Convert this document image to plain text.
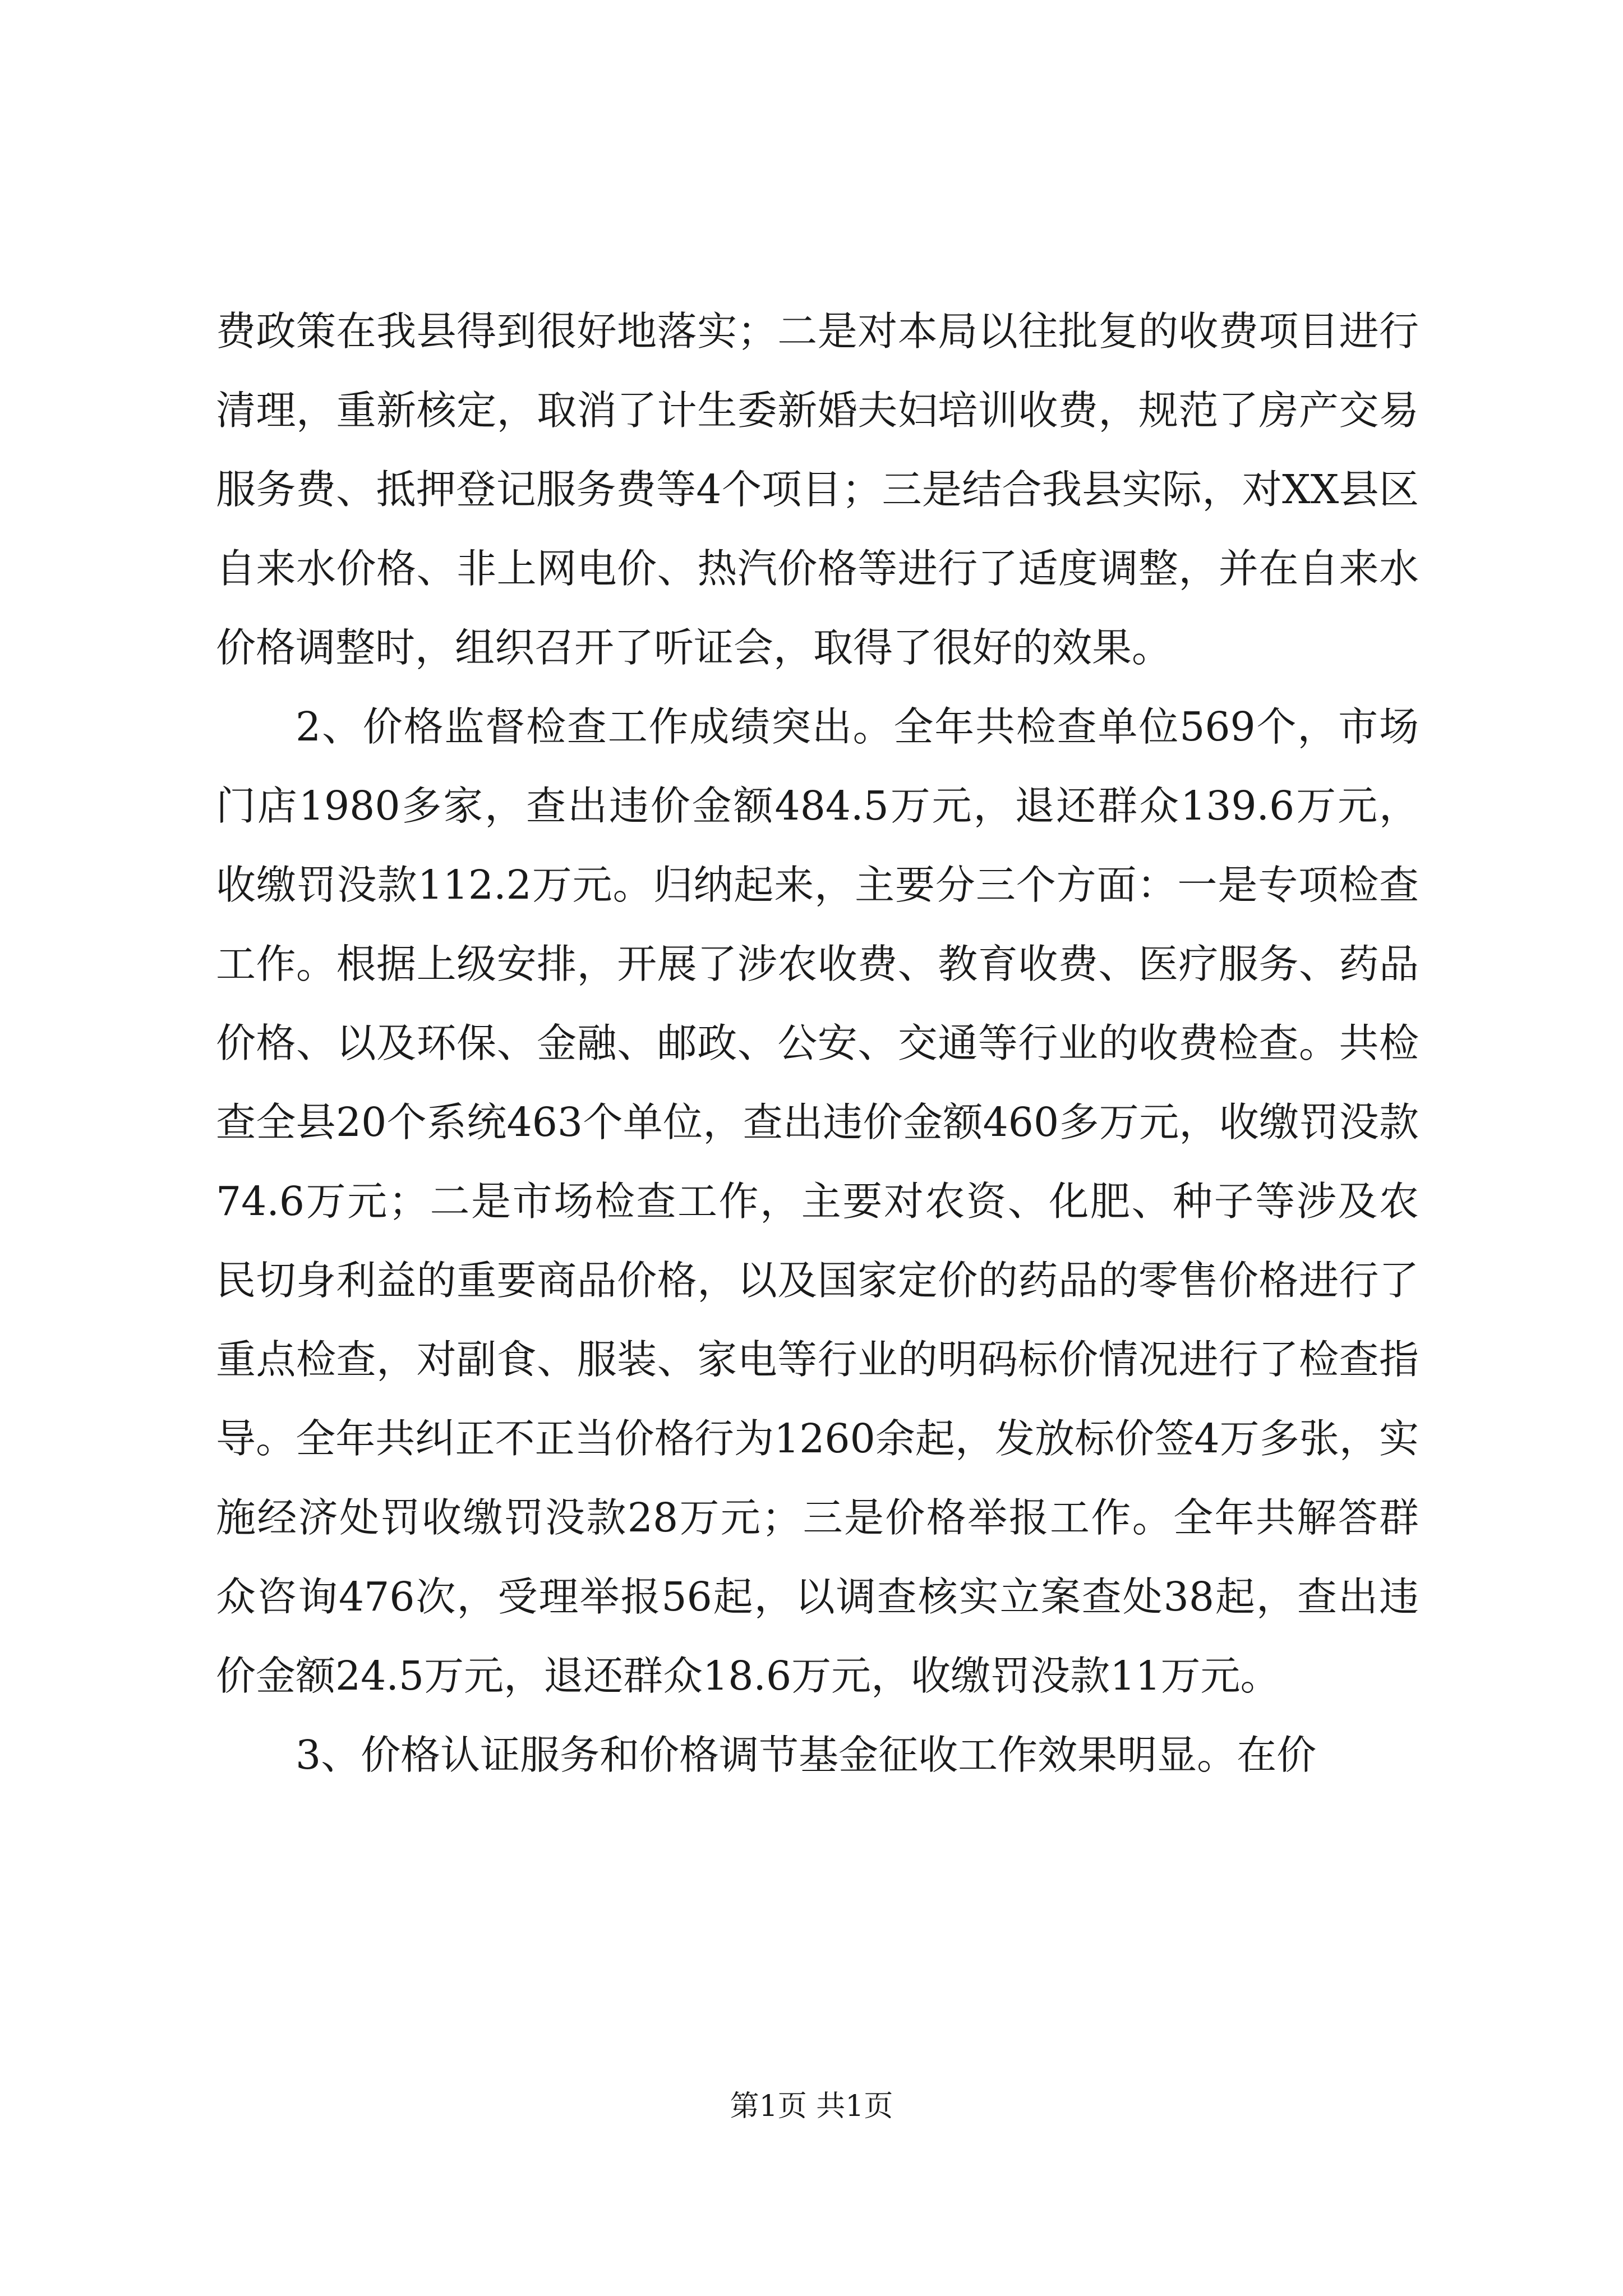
费政策在我县得到很好地落实；二是对本局以往批复的收费项目进行清理，重新核定，取消了计生委新婚夫妇培训收费，规范了房产交易服务费、抵押登记服务费等4个项目；三是结合我县实际，对XX县区自来水价格、非上网电价、热汽价格等进行了适度调整，并在自来水价格调整时，组织召开了听证会，取得了很好的效果。

2、价格监督检查工作成绩突出。全年共检查单位569个，市场门店1980多家，查出违价金额484.5万元，退还群众139.6万元，收缴罚没款112.2万元。归纳起来，主要分三个方面：一是专项检查工作。根据上级安排，开展了涉农收费、教育收费、医疗服务、药品价格、以及环保、金融、邮政、公安、交通等行业的收费检查。共检查全县20个系统463个单位，查出违价金额460多万元，收缴罚没款74.6万元；二是市场检查工作，主要对农资、化肥、种子等涉及农民切身利益的重要商品价格，以及国家定价的药品的零售价格进行了重点检查，对副食、服装、家电等行业的明码标价情况进行了检查指导。全年共纠正不正当价格行为1260余起，发放标价签4万多张，实施经济处罚收缴罚没款28万元；三是价格举报工作。全年共解答群众咨询476次，受理举报56起，以调查核实立案查处38起，查出违价金额24.5万元，退还群众18.6万元，收缴罚没款11万元。

3、价格认证服务和价格调节基金征收工作效果明显。在价

第1页 共1页
